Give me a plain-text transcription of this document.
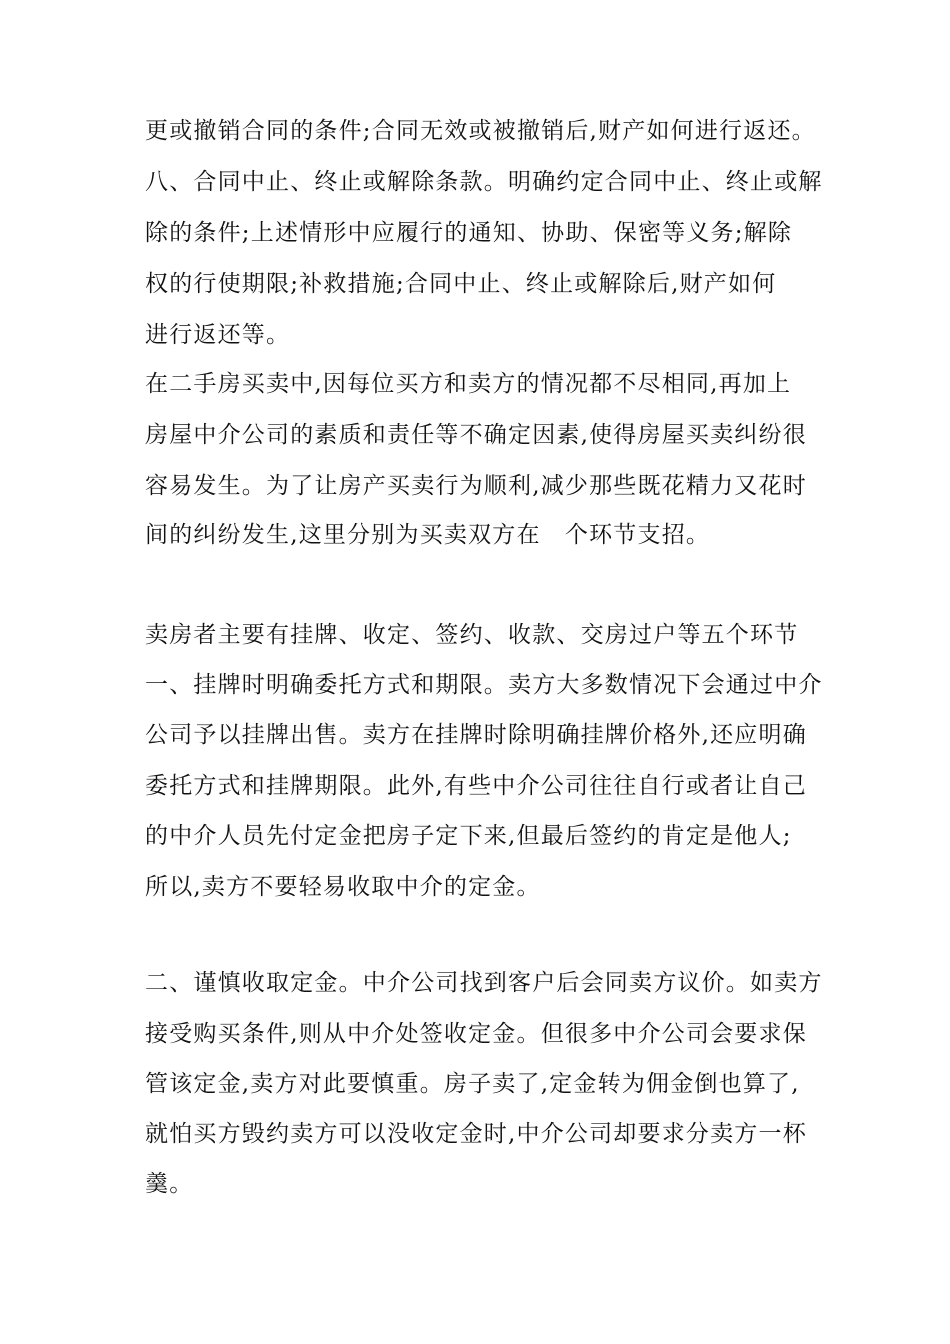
更或撤销合同的条件;合同无效或被撤销后,财产如何进行返还。
八、合同中止、终止或解除条款。明确约定合同中止、终止或解
除的条件;上述情形中应履行的通知、协助、保密等义务;解除
权的行使期限;补救措施;合同中止、终止或解除后,财产如何
进行返还等。
在二手房买卖中,因每位买方和卖方的情况都不尽相同,再加上
房屋中介公司的素质和责任等不确定因素,使得房屋买卖纠纷很
容易发生。为了让房产买卖行为顺利,减少那些既花精力又花时
间的纠纷发生,这里分别为买卖双方在　个环节支招。
卖房者主要有挂牌、收定、签约、收款、交房过户等五个环节
一、挂牌时明确委托方式和期限。卖方大多数情况下会通过中介
公司予以挂牌出售。卖方在挂牌时除明确挂牌价格外,还应明确
委托方式和挂牌期限。此外,有些中介公司往往自行或者让自己
的中介人员先付定金把房子定下来,但最后签约的肯定是他人;
所以,卖方不要轻易收取中介的定金。
二、谨慎收取定金。中介公司找到客户后会同卖方议价。如卖方
接受购买条件,则从中介处签收定金。但很多中介公司会要求保
管该定金,卖方对此要慎重。房子卖了,定金转为佣金倒也算了,
就怕买方毁约卖方可以没收定金时,中介公司却要求分卖方一杯
羹。
